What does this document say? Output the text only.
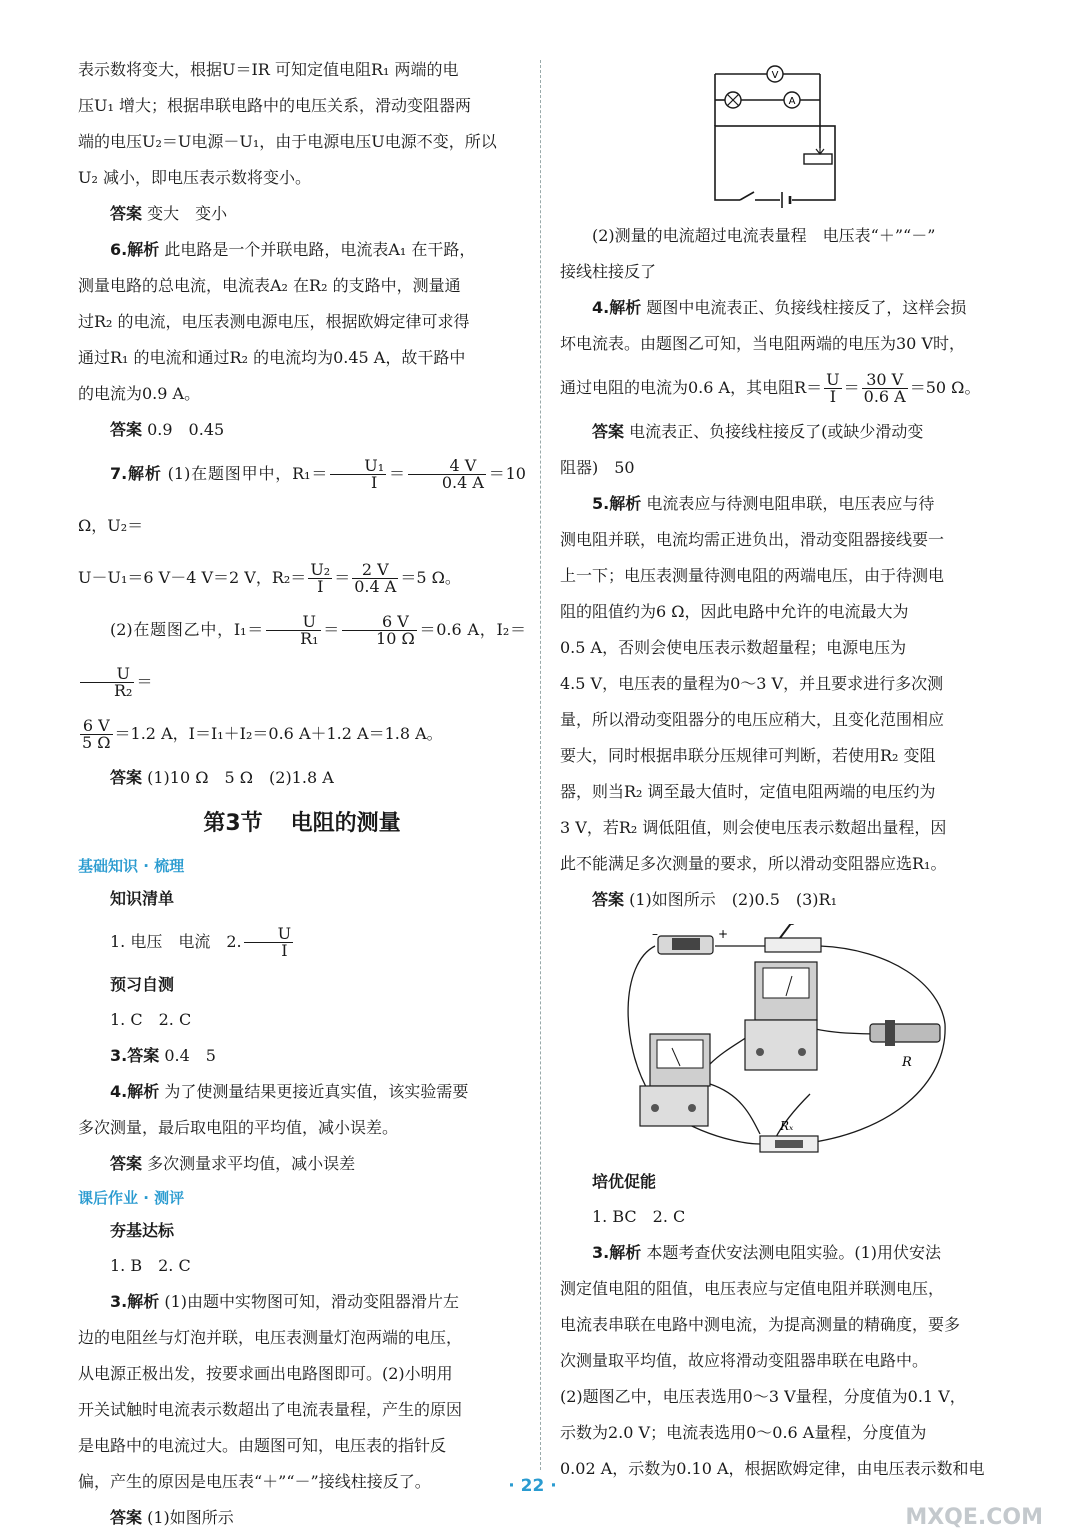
表示数将变大，根据U＝IR 可知定值电阻R₁ 两端的电

压U₁ 增大；根据串联电路中的电压关系，滑动变阻器两

端的电压U₂＝U电源－U₁，由于电源电压U电源不变，所以

U₂ 减小，即电压表示数将变小。

答案 变大　变小

6.解析 此电路是一个并联电路，电流表A₁ 在干路，

测量电路的总电流，电流表A₂ 在R₂ 的支路中，测量通

过R₂ 的电流，电压表测电源电压，根据欧姆定律可求得

通过R₁ 的电流和通过R₂ 的电流均为0.45 A，故干路中

的电流为0.9 A。

答案 0.9　0.45

7.解析 (1)在题图甲中，$R_1= \frac{\text{U₁}}{I} = \frac{4 V}{0.4 A} =10$ Ω，U₂＝

U－U₁＝6 V－4 V＝2 V，$R_2= \frac{\text{U₂}}{I} = \frac{2 V}{0.4 A} =5$ Ω。

(2)在题图乙中，$I_1= \frac{U}{\text{R₁}} = \frac{6 V}{10 \Omega} =0.6$ A，I₂＝
$\frac{U}{\text{R₂}}$ ＝

$\frac{6 V}{5 \Omega} =1.2$ A，I＝I₁＋I₂＝0.6 A＋1.2 A＝1.8 A。

答案 (1)10 Ω　5 Ω　(2)1.8 A

第3节 电阻的测量
基础知识 · 梳理
知识清单

1. 电压　电流　2. $\frac{U}{I}$

预习自测

1. C　2. C

3.答案 0.4　5

4.解析 为了使测量结果更接近真实值，该实验需要

多次测量，最后取电阻的平均值，减小误差。

答案 多次测量求平均值，减小误差

课后作业 · 测评
夯基达标

1. B　2. C

3.解析 (1)由题中实物图可知，滑动变阻器滑片左

边的电阻丝与灯泡并联，电压表测量灯泡两端的电压，

从电源正极出发，按要求画出电路图即可。(2)小明用

开关试触时电流表示数超出了电流表量程，产生的原因

是电路中的电流过大。由题图可知，电压表的指针反

偏，产生的原因是电压表“＋”“－”接线柱接反了。

答案 (1)如图所示

V
A

(2)测量的电流超过电流表量程　电压表“＋”“－”

接线柱接反了

4.解析 题图中电流表正、负接线柱接反了，这样会损

坏电流表。由题图乙可知，当电阻两端的电压为30 V时，

通过电阻的电流为0.6 A，其电阻$R= \frac{U}{I} = \frac{30 V}{0.6 A} =50$ Ω。

答案 电流表正、负接线柱接反了(或缺少滑动变

阻器)　50

5.解析 电流表应与待测电阻串联，电压表应与待

测电阻并联，电流均需正进负出，滑动变阻器接线要一

上一下；电压表测量待测电阻的两端电压，由于待测电

阻的阻值约为6 Ω，因此电路中允许的电流最大为

0.5 A，否则会使电压表示数超量程；电源电压为

4.5 V，电压表的量程为0～3 V，并且要求进行多次测

量，所以滑动变阻器分的电压应稍大，且变化范围相应

要大，同时根据串联分压规律可判断，若使用R₂ 变阻

器，则当R₂ 调至最大值时，定值电阻两端的电压约为

3 V，若R₂ 调低阻值，则会使电压表示数超出量程，因

此不能满足多次测量的要求，所以滑动变阻器应选R₁。

答案 (1)如图所示　(2)0.5　(3)R₁

–	+
R
Rₓ
培优促能

1. BC　2. C

3.解析 本题考查伏安法测电阻实验。(1)用伏安法

测定值电阻的阻值，电压表应与定值电阻并联测电压，

电流表串联在电路中测电流，为提高测量的精确度，要多

次测量取平均值，故应将滑动变阻器串联在电路中。

(2)题图乙中，电压表选用0～3 V量程，分度值为0.1 V，

示数为2.0 V；电流表选用0～0.6 A量程，分度值为

0.02 A，示数为0.10 A，根据欧姆定律，由电压表示数和电

· 22 ·
MXQE.COM
